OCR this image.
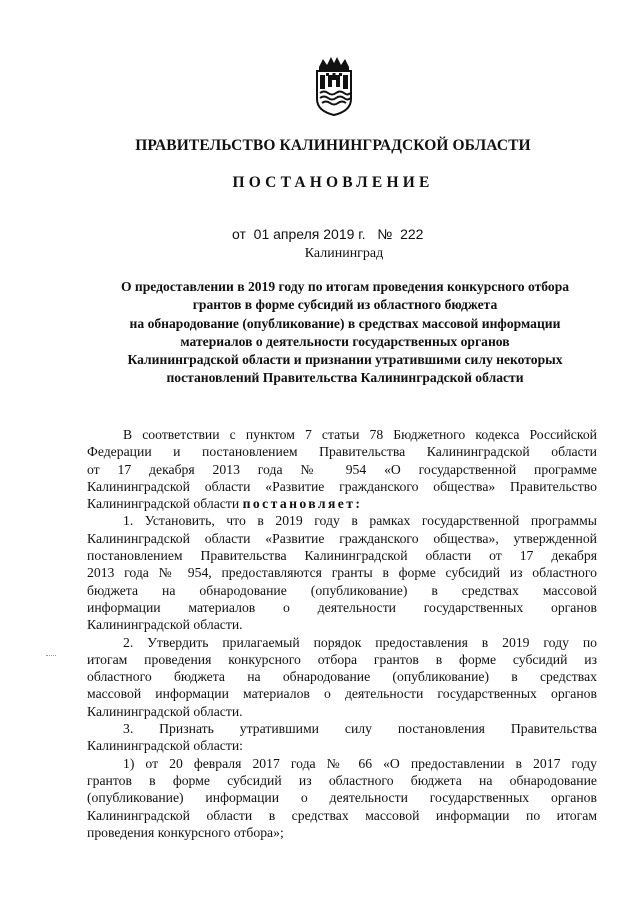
ПРАВИТЕЛЬСТВО КАЛИНИНГРАДСКОЙ ОБЛАСТИ
ПОСТАНОВЛЕНИЕ
от 01 апреля 2019 г. № 222
Калининград
О предоставлении в 2019 году по итогам проведения конкурсного отбора
грантов в форме субсидий из областного бюджета
на обнародование (опубликование) в средствах массовой информации
материалов о деятельности государственных органов
Калининградской области и признании утратившими силу некоторых
постановлений Правительства Калининградской области
В соответствии с пунктом 7 статьи 78 Бюджетного кодекса Российской
Федерации и постановлением Правительства Калининградской области
от 17 декабря 2013 года № 954 «О государственной программе
Калининградской области «Развитие гражданского общества» Правительство
Калининградской области постановляет:
1. Установить, что в 2019 году в рамках государственной программы
Калининградской области «Развитие гражданского общества», утвержденной
постановлением Правительства Калининградской области от 17 декабря
2013 года № 954, предоставляются гранты в форме субсидий из областного
бюджета на обнародование (опубликование) в средствах массовой
информации материалов о деятельности государственных органов
Калининградской области.
2. Утвердить прилагаемый порядок предоставления в 2019 году по
итогам проведения конкурсного отбора грантов в форме субсидий из
областного бюджета на обнародование (опубликование) в средствах
массовой информации материалов о деятельности государственных органов
Калининградской области.
3. Признать утратившими силу постановления Правительства
Калининградской области:
1) от 20 февраля 2017 года № 66 «О предоставлении в 2017 году
грантов в форме субсидий из областного бюджета на обнародование
(опубликование) информации о деятельности государственных органов
Калининградской области в средствах массовой информации по итогам
проведения конкурсного отбора»;
